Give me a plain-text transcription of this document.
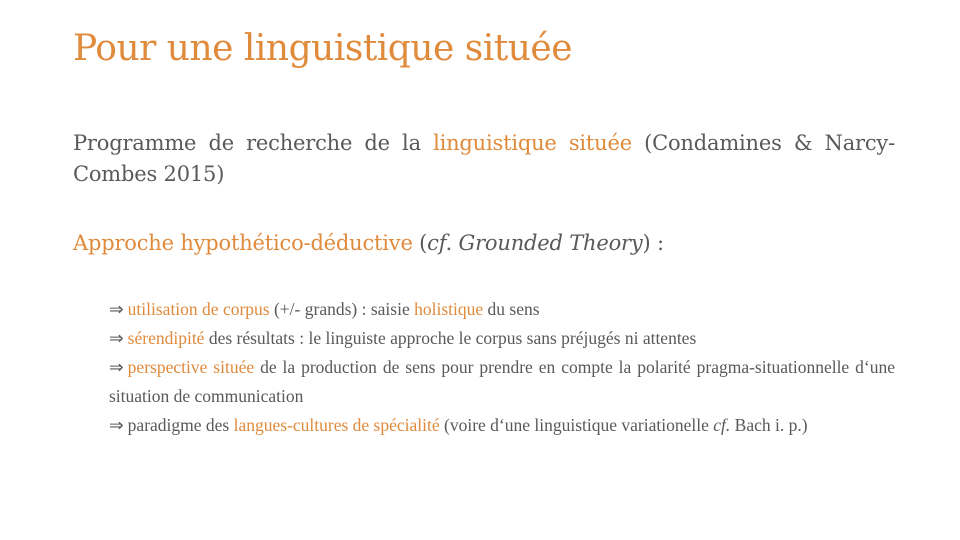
Pour une linguistique située

Programme de recherche de la linguistique située (Condamines & Narcy-Combes 2015)

Approche hypothético-déductive (cf. Grounded Theory) :

⇒ utilisation de corpus (+/- grands) : saisie holistique du sens
⇒ sérendipité des résultats : le linguiste approche le corpus sans préjugés ni attentes
⇒ perspective située de la production de sens pour prendre en compte la polarité pragma-situationnelle d‘une situation de communication
⇒ paradigme des langues-cultures de spécialité (voire d‘une linguistique variationelle cf. Bach i. p.)
